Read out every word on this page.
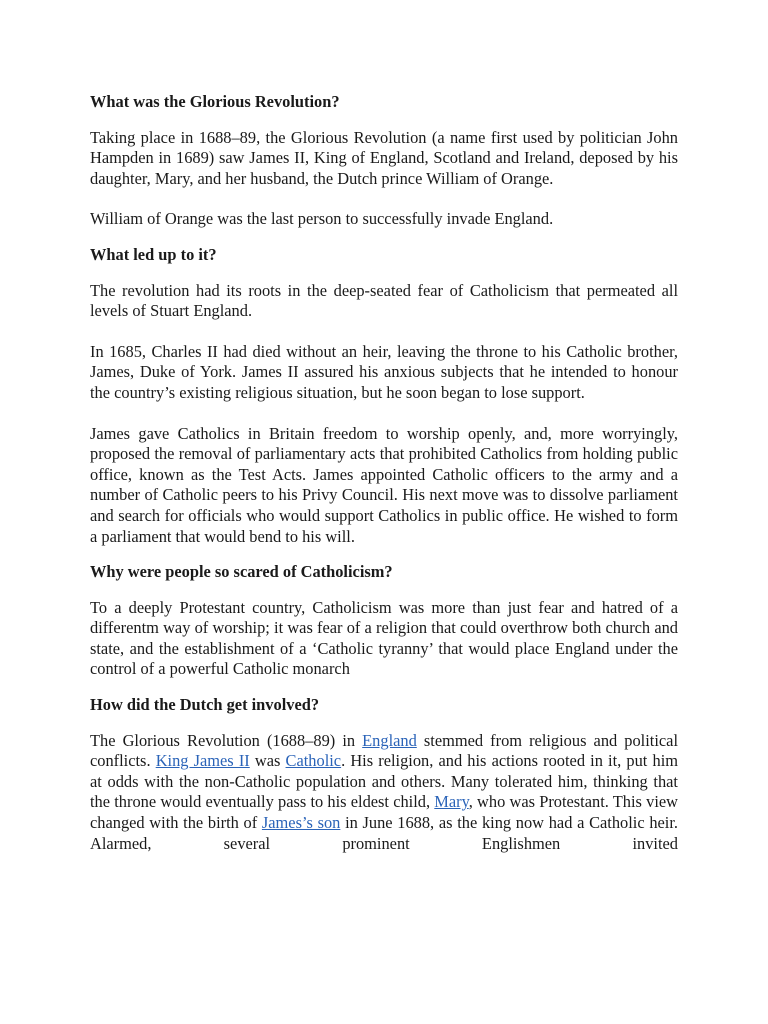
What was the Glorious Revolution?

Taking place in 1688–89, the Glorious Revolution (a name first used by politician John Hampden in 1689) saw James II, King of England, Scotland and Ireland, deposed by his daughter, Mary, and her husband, the Dutch prince William of Orange.

William of Orange was the last person to successfully invade England.

What led up to it?

The revolution had its roots in the deep-seated fear of Catholicism that permeated all levels of Stuart England.

In 1685, Charles II had died without an heir, leaving the throne to his Catholic brother, James, Duke of York. James II assured his anxious subjects that he intended to honour the country’s existing religious situation, but he soon began to lose support.

James gave Catholics in Britain freedom to worship openly, and, more worryingly, proposed the removal of parliamentary acts that prohibited Catholics from holding public office, known as the Test Acts. James appointed Catholic officers to the army and a number of Catholic peers to his Privy Council. His next move was to dissolve parliament and search for officials who would support Catholics in public office. He wished to form a parliament that would bend to his will.

Why were people so scared of Catholicism?

To a deeply Protestant country, Catholicism was more than just fear and hatred of a differentm way of worship; it was fear of a religion that could overthrow both church and state, and the establishment of a ‘Catholic tyranny’ that would place England under the control of a powerful Catholic monarch

How did the Dutch get involved?

The Glorious Revolution (1688–89) in England stemmed from religious and political conflicts. King James II was Catholic. His religion, and his actions rooted in it, put him at odds with the non-Catholic population and others. Many tolerated him, thinking that the throne would eventually pass to his eldest child, Mary, who was Protestant. This view changed with the birth of James’s son in June 1688, as the king now had a Catholic heir. Alarmed, several prominent Englishmen invited
